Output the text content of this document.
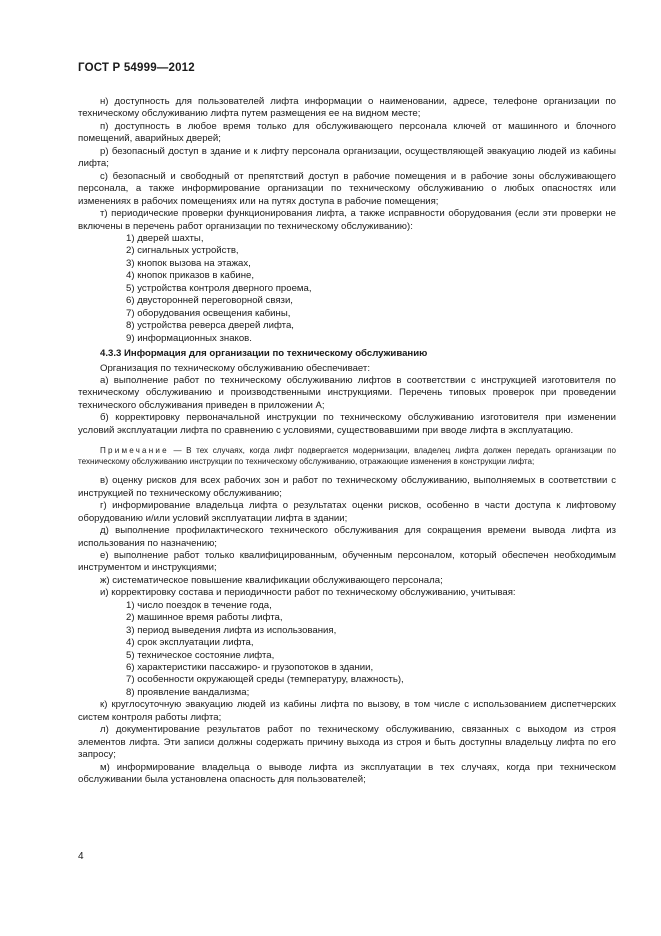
ГОСТ Р 54999—2012

н) доступность для пользователей лифта информации о наименовании, адресе, телефоне организации по техническому обслуживанию лифта путем размещения ее на видном месте;

п) доступность в любое время только для обслуживающего персонала ключей от машинного и блочного помещений, аварийных дверей;

р) безопасный доступ в здание и к лифту персонала организации, осуществляющей эвакуацию людей из кабины лифта;

с) безопасный и свободный от препятствий доступ в рабочие помещения и в рабочие зоны обслуживающего персонала, а также информирование организации по техническому обслуживанию о любых опасностях или изменениях в рабочих помещениях или на путях доступа в рабочие помещения;

т) периодические проверки функционирования лифта, а также исправности оборудования (если эти проверки не включены в перечень работ организации по техническому обслуживанию):

1) дверей шахты,

2) сигнальных устройств,

3) кнопок вызова на этажах,

4) кнопок приказов в кабине,

5) устройства контроля дверного проема,

6) двусторонней переговорной связи,

7) оборудования освещения кабины,

8) устройства реверса дверей лифта,

9) информационных знаков.

4.3.3 Информация для организации по техническому обслуживанию

Организация по техническому обслуживанию обеспечивает:

а) выполнение работ по техническому обслуживанию лифтов в соответствии с инструкцией изготовителя по техническому обслуживанию и производственными инструкциями. Перечень типовых проверок при проведении технического обслуживания приведен в приложении А;

б) корректировку первоначальной инструкции по техническому обслуживанию изготовителя при изменении условий эксплуатации лифта по сравнению с условиями, существовавшими при вводе лифта в эксплуатацию.

Примечание — В тех случаях, когда лифт подвергается модернизации, владелец лифта должен передать организации по техническому обслуживанию инструкции по техническому обслуживанию, отражающие изменения в конструкции лифта;

в) оценку рисков для всех рабочих зон и работ по техническому обслуживанию, выполняемых в соответствии с инструкцией по техническому обслуживанию;

г) информирование владельца лифта о результатах оценки рисков, особенно в части доступа к лифтовому оборудованию и/или условий эксплуатации лифта в здании;

д) выполнение профилактического технического обслуживания для сокращения времени вывода лифта из использования по назначению;

е) выполнение работ только квалифицированным, обученным персоналом, который обеспечен необходимым инструментом и инструкциями;

ж) систематическое повышение квалификации обслуживающего персонала;

и) корректировку состава и периодичности работ по техническому обслуживанию, учитывая:

1) число поездок в течение года,

2) машинное время работы лифта,

3) период выведения лифта из использования,

4) срок эксплуатации лифта,

5) техническое состояние лифта,

6) характеристики пассажиро- и грузопотоков в здании,

7) особенности окружающей среды (температуру, влажность),

8) проявление вандализма;

к) круглосуточную эвакуацию людей из кабины лифта по вызову, в том числе с использованием диспетчерских систем контроля работы лифта;

л) документирование результатов работ по техническому обслуживанию, связанных с выходом из строя элементов лифта. Эти записи должны содержать причину выхода из строя и быть доступны владельцу лифта по его запросу;

м) информирование владельца о выводе лифта из эксплуатации в тех случаях, когда при техническом обслуживании была установлена опасность для пользователей;

4
